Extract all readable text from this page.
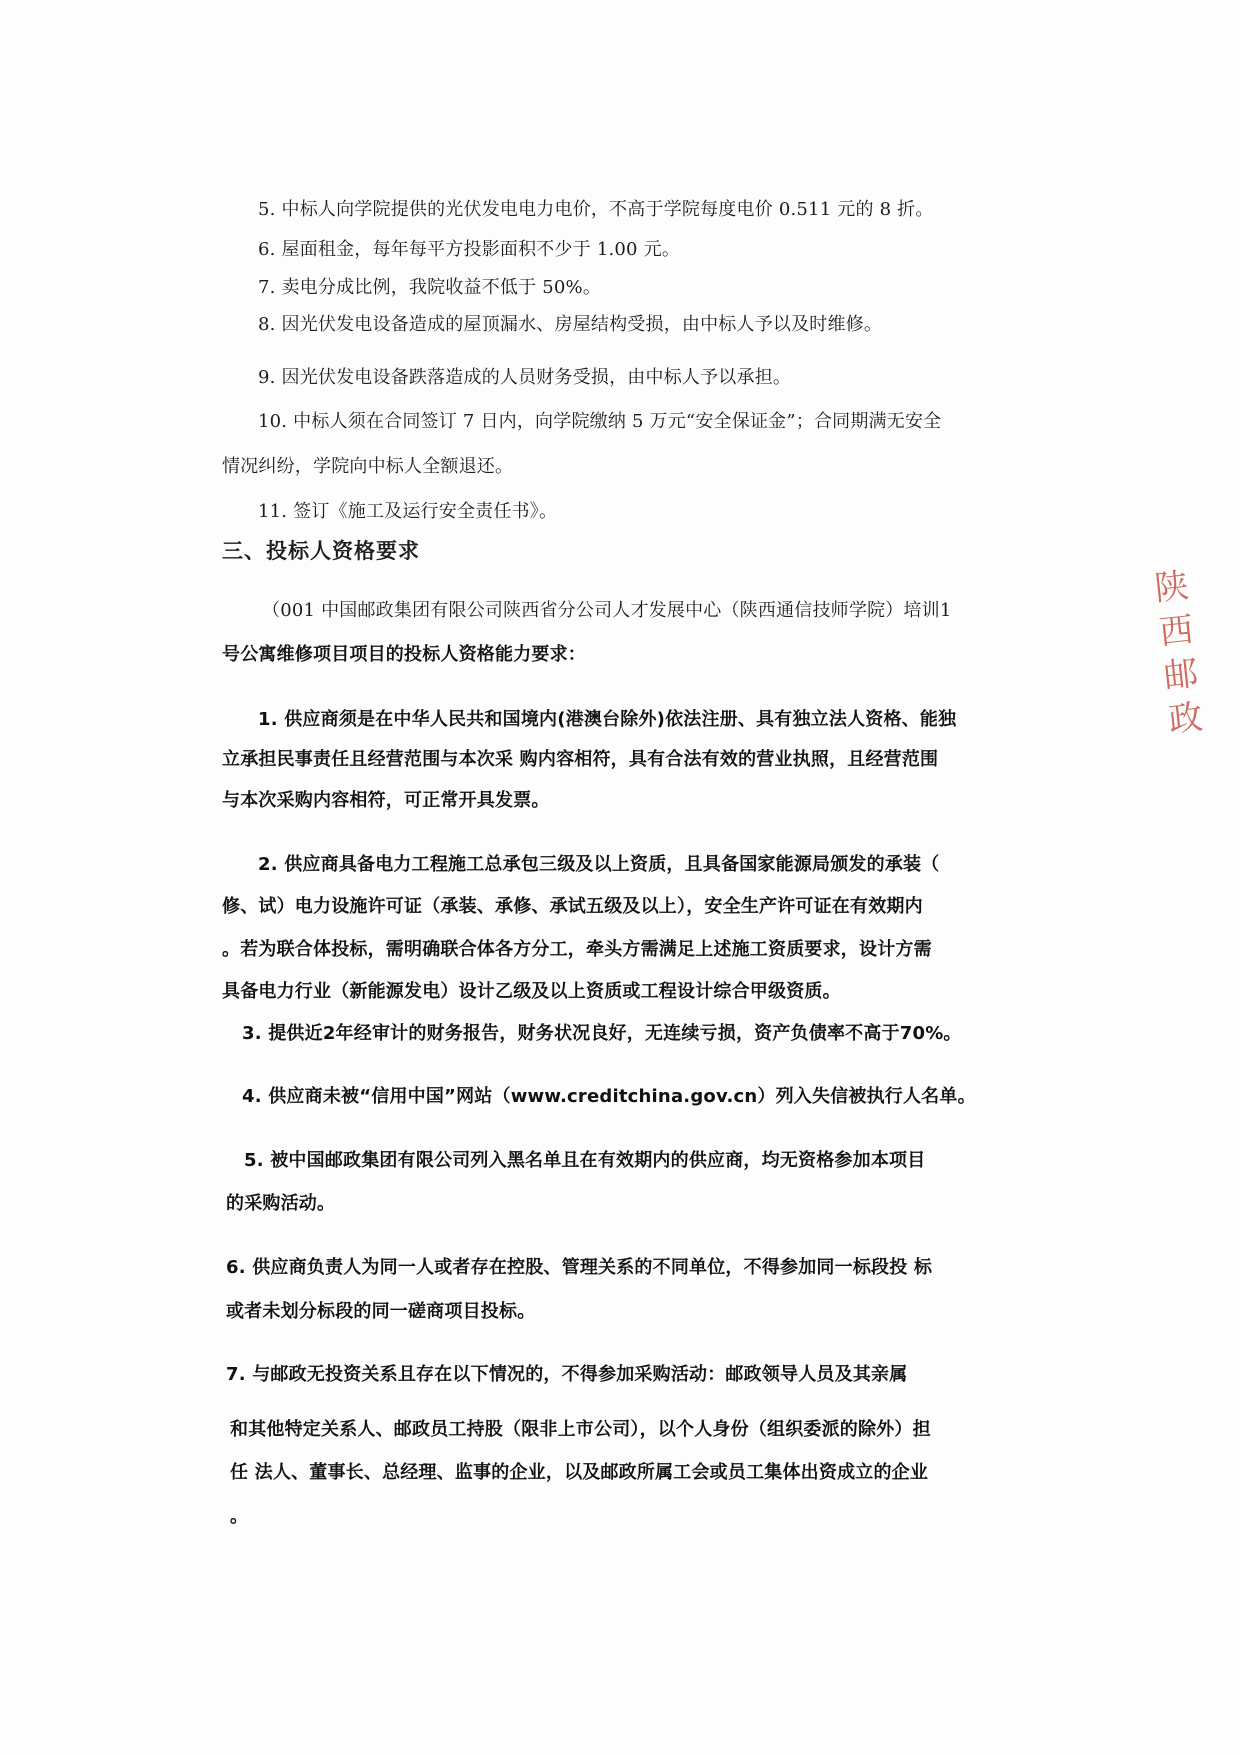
5. 中标人向学院提供的光伏发电电力电价，不高于学院每度电价 0.511 元的 8 折。
6. 屋面租金，每年每平方投影面积不少于 1.00 元。
7. 卖电分成比例，我院收益不低于 50%。
8. 因光伏发电设备造成的屋顶漏水、房屋结构受损，由中标人予以及时维修。
9. 因光伏发电设备跌落造成的人员财务受损，由中标人予以承担。
10. 中标人须在合同签订 7 日内，向学院缴纳 5 万元“安全保证金”；合同期满无安全
情况纠纷，学院向中标人全额退还。
11. 签订《施工及运行安全责任书》。
三、投标人资格要求
（001 中国邮政集团有限公司陕西省分公司人才发展中心（陕西通信技师学院）培训1
号公寓维修项目项目的投标人资格能力要求：
1. 供应商须是在中华人民共和国境内(港澳台除外)依法注册、具有独立法人资格、能独
立承担民事责任且经营范围与本次采 购内容相符，具有合法有效的营业执照，且经营范围
与本次采购内容相符，可正常开具发票。
2. 供应商具备电力工程施工总承包三级及以上资质，且具备国家能源局颁发的承装（
修、试）电力设施许可证（承装、承修、承试五级及以上），安全生产许可证在有效期内
。若为联合体投标，需明确联合体各方分工，牵头方需满足上述施工资质要求，设计方需
具备电力行业（新能源发电）设计乙级及以上资质或工程设计综合甲级资质。
3. 提供近2年经审计的财务报告，财务状况良好，无连续亏损，资产负债率不高于70%。
4. 供应商未被“信用中国”网站（www.creditchina.gov.cn）列入失信被执行人名单。
5. 被中国邮政集团有限公司列入黑名单且在有效期内的供应商，均无资格参加本项目
的采购活动。
6. 供应商负责人为同一人或者存在控股、管理关系的不同单位，不得参加同一标段投 标
或者未划分标段的同一磋商项目投标。
7. 与邮政无投资关系且存在以下情况的，不得参加采购活动：邮政领导人员及其亲属
和其他特定关系人、邮政员工持股（限非上市公司），以个人身份（组织委派的除外）担
任 法人、董事长、总经理、监事的企业，以及邮政所属工会或员工集体出资成立的企业
。
陕西邮政
